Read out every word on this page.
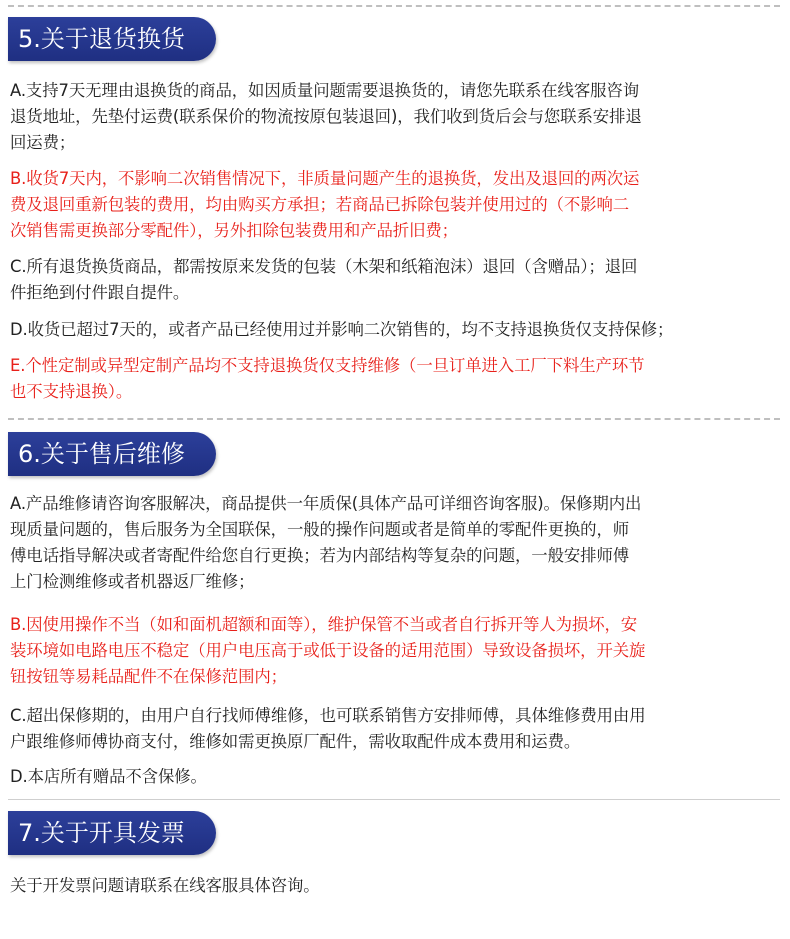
5.关于退货换货
A.支持7天无理由退换货的商品，如因质量问题需要退换货的，请您先联系在线客服咨询
退货地址，先垫付运费(联系保价的物流按原包装退回)，我们收到货后会与您联系安排退
回运费；
B.收货7天内，不影响二次销售情况下，非质量问题产生的退换货，发出及退回的两次运
费及退回重新包装的费用，均由购买方承担；若商品已拆除包装并使用过的（不影响二
次销售需更换部分零配件），另外扣除包装费用和产品折旧费；
C.所有退货换货商品，都需按原来发货的包装（木架和纸箱泡沫）退回（含赠品）；退回
件拒绝到付件跟自提件。
D.收货已超过7天的，或者产品已经使用过并影响二次销售的，均不支持退换货仅支持保修；
E.个性定制或异型定制产品均不支持退换货仅支持维修（一旦订单进入工厂下料生产环节
也不支持退换）。
6.关于售后维修
A.产品维修请咨询客服解决，商品提供一年质保(具体产品可详细咨询客服)。保修期内出
现质量问题的，售后服务为全国联保，一般的操作问题或者是简单的零配件更换的，师
傅电话指导解决或者寄配件给您自行更换；若为内部结构等复杂的问题，一般安排师傅
上门检测维修或者机器返厂维修；
B.因使用操作不当（如和面机超额和面等），维护保管不当或者自行拆开等人为损坏，安
装环境如电路电压不稳定（用户电压高于或低于设备的适用范围）导致设备损坏，开关旋
钮按钮等易耗品配件不在保修范围内；
C.超出保修期的，由用户自行找师傅维修，也可联系销售方安排师傅，具体维修费用由用
户跟维修师傅协商支付，维修如需更换原厂配件，需收取配件成本费用和运费。
D.本店所有赠品不含保修。
7.关于开具发票
关于开发票问题请联系在线客服具体咨询。
